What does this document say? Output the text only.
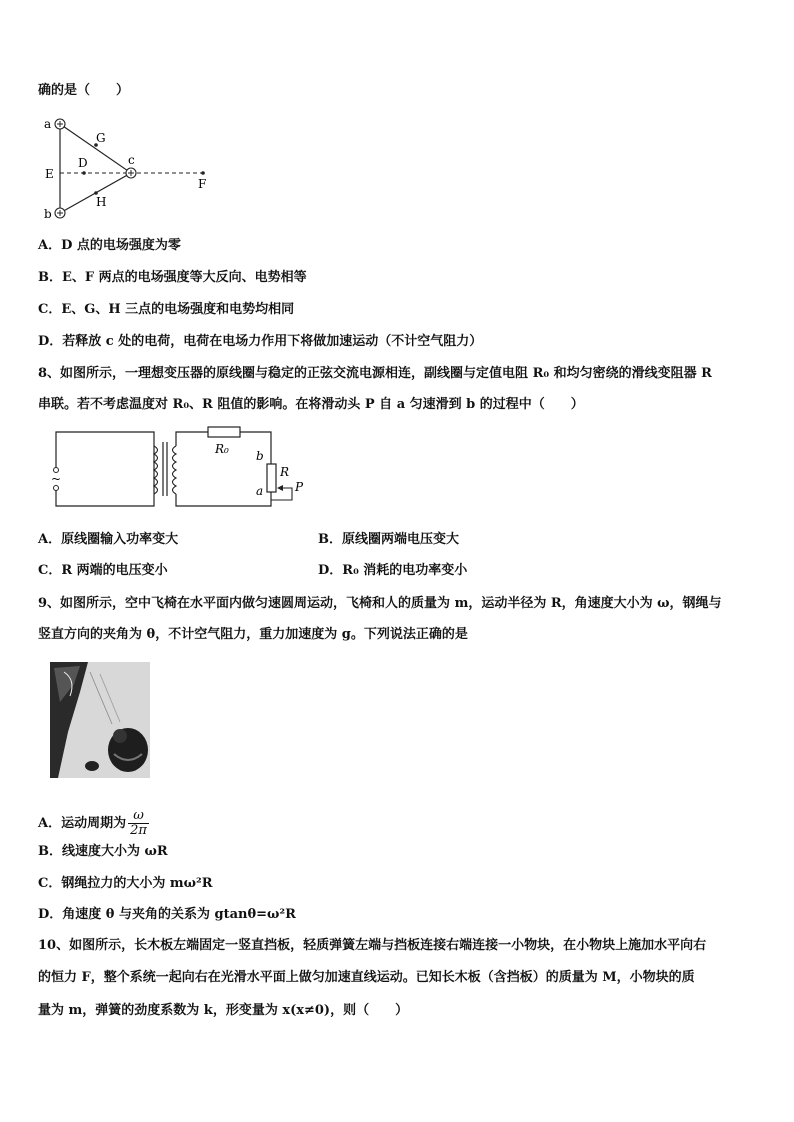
确的是（　　）
a
b
c
D
E
F
G
H
A．D 点的电场强度为零
B．E、F 两点的电场强度等大反向、电势相等
C．E、G、H 三点的电场强度和电势均相同
D．若释放 c 处的电荷，电荷在电场力作用下将做加速运动（不计空气阻力）
8、如图所示，一理想变压器的原线圈与稳定的正弦交流电源相连，副线圈与定值电阻 R₀ 和均匀密绕的滑线变阻器 R
串联。若不考虑温度对 R₀、R 阻值的影响。在将滑动头 P 自 a 匀速滑到 b 的过程中（　　）
~
R₀
R
b
a	P
A．原线圈输入功率变大	B．原线圈两端电压变大
C．R 两端的电压变小	D．R₀ 消耗的电功率变小
9、如图所示，空中飞椅在水平面内做匀速圆周运动，飞椅和人的质量为 m，运动半径为 R，角速度大小为 ω，钢绳与
竖直方向的夹角为 θ，不计空气阻力，重力加速度为 g。下列说法正确的是
A．运动周期为 $\frac{\omega}{2\pi}$
B．线速度大小为 ωR
C．钢绳拉力的大小为 mω²R
D．角速度 θ 与夹角的关系为 gtanθ=ω²R
10、如图所示，长木板左端固定一竖直挡板，轻质弹簧左端与挡板连接右端连接一小物块，在小物块上施加水平向右
的恒力 F，整个系统一起向右在光滑水平面上做匀加速直线运动。已知长木板（含挡板）的质量为 M，小物块的质
量为 m，弹簧的劲度系数为 k，形变量为 x(x≠0)，则（　　）
